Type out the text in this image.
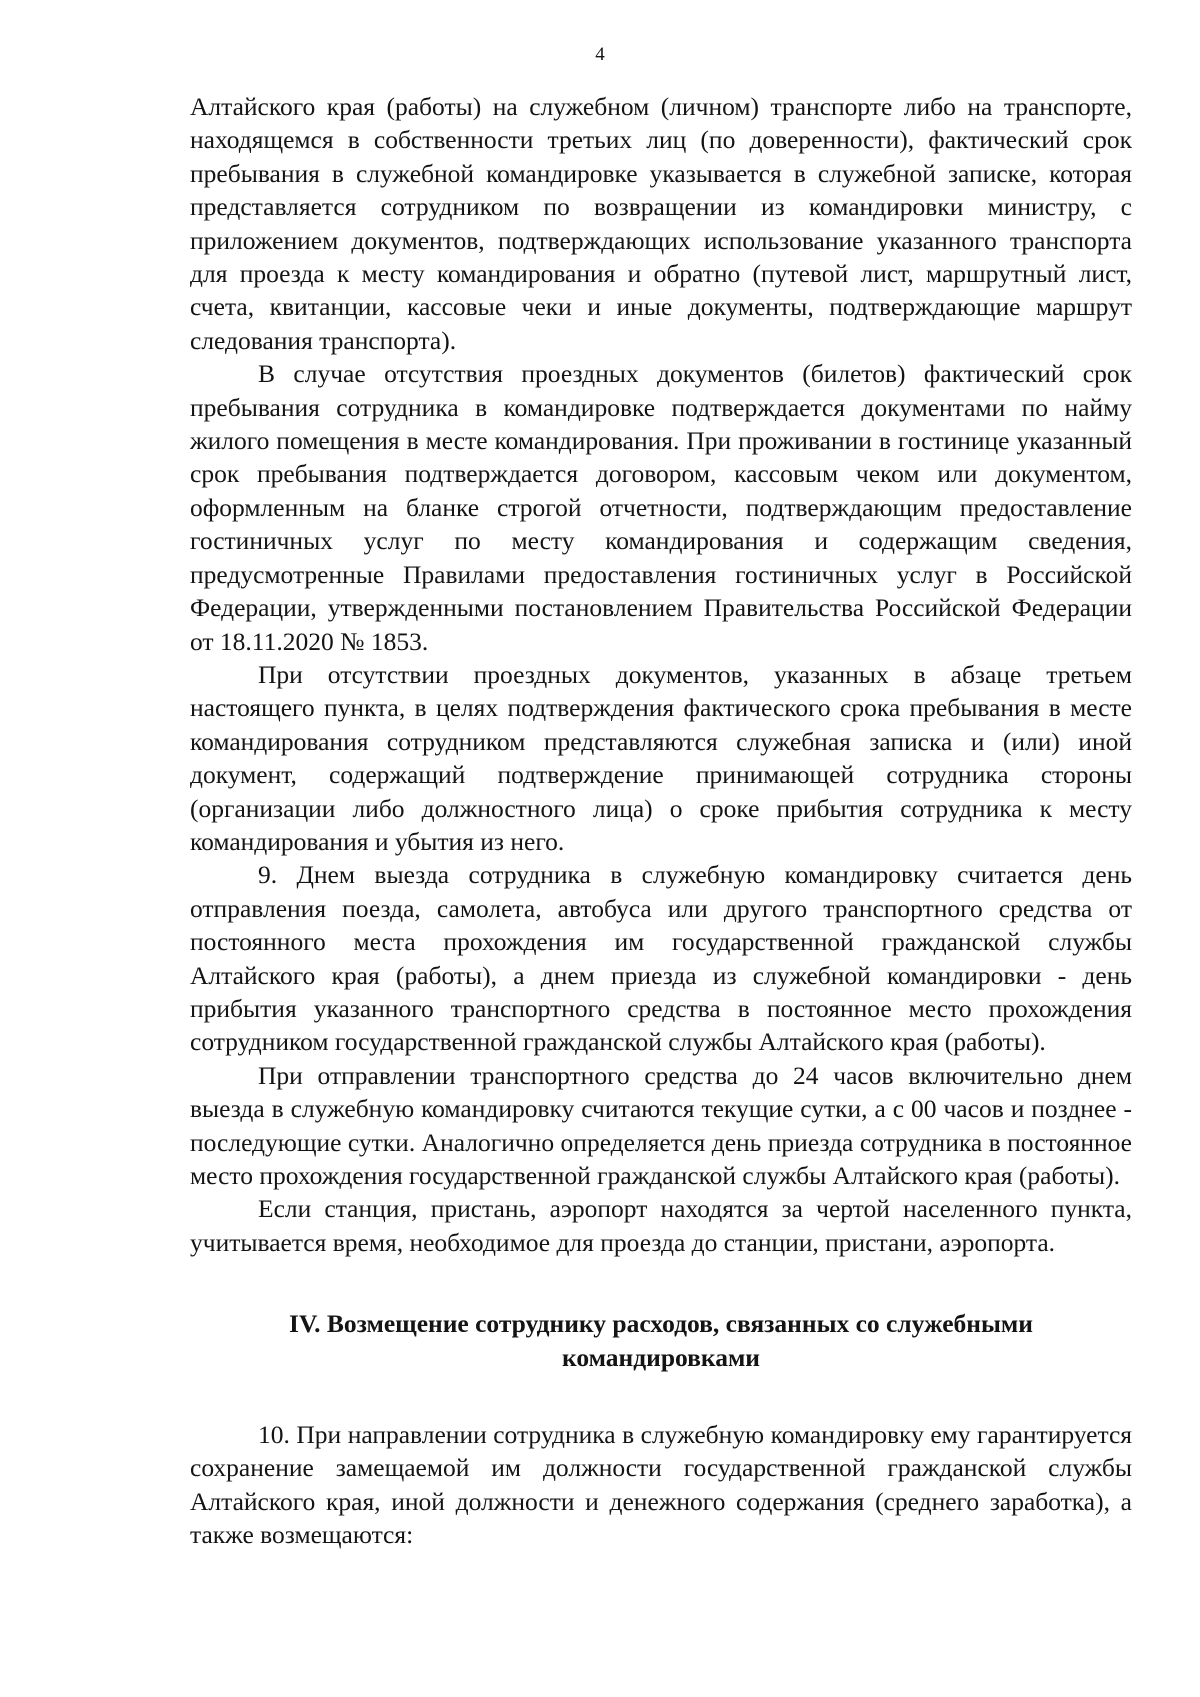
4

Алтайского края (работы) на служебном (личном) транспорте либо на транспорте, находящемся в собственности третьих лиц (по доверенности), фактический срок пребывания в служебной командировке указывается в служебной записке, которая представляется сотрудником по возвращении из командировки министру, с приложением документов, подтверждающих использование указанного транспорта для проезда к месту командирования и обратно (путевой лист, маршрутный лист, счета, квитанции, кассовые чеки и иные документы, подтверждающие маршрут следования транспорта).

В случае отсутствия проездных документов (билетов) фактический срок пребывания сотрудника в командировке подтверждается документами по найму жилого помещения в месте командирования. При проживании в гостинице указанный срок пребывания подтверждается договором, кассовым чеком или документом, оформленным на бланке строгой отчетности, подтверждающим предоставление гостиничных услуг по месту командирования и содержащим сведения, предусмотренные Правилами предоставления гостиничных услуг в Российской Федерации, утвержденными постановлением Правительства Российской Федерации от 18.11.2020 № 1853.

При отсутствии проездных документов, указанных в абзаце третьем настоящего пункта, в целях подтверждения фактического срока пребывания в месте командирования сотрудником представляются служебная записка и (или) иной документ, содержащий подтверждение принимающей сотрудника стороны (организации либо должностного лица) о сроке прибытия сотрудника к месту командирования и убытия из него.

9. Днем выезда сотрудника в служебную командировку считается день отправления поезда, самолета, автобуса или другого транспортного средства от постоянного места прохождения им государственной гражданской службы Алтайского края (работы), а днем приезда из служебной командировки - день прибытия указанного транспортного средства в постоянное место прохождения сотрудником государственной гражданской службы Алтайского края (работы).

При отправлении транспортного средства до 24 часов включительно днем выезда в служебную командировку считаются текущие сутки, а с 00 часов и позднее - последующие сутки. Аналогично определяется день приезда сотрудника в постоянное место прохождения государственной гражданской службы Алтайского края (работы).

Если станция, пристань, аэропорт находятся за чертой населенного пункта, учитывается время, необходимое для проезда до станции, пристани, аэропорта.

IV. Возмещение сотруднику расходов, связанных со служебными
командировками

10. При направлении сотрудника в служебную командировку ему гарантируется сохранение замещаемой им должности государственной гражданской службы Алтайского края, иной должности и денежного содержания (среднего заработка), а также возмещаются:
